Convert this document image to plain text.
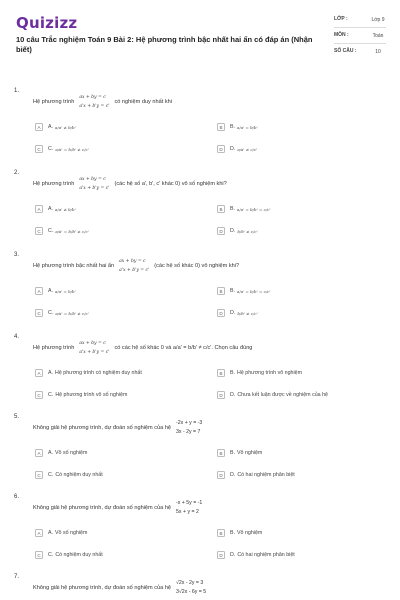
Quizizz
10 câu Trắc nghiệm Toán 9 Bài 2: Hệ phương trình bậc nhất hai ẩn có đáp án (Nhận biết)
LỚP :	Lớp 9
MÔN :	Toán
SỐ CÂU :	10
1.
Hệ phương trình
ax + by = c
a'x + b'y = c'
có nghiệm duy nhất khi
A	A. a/a' ≠ b/b'	B	B. a/a' = b/b'
C	C. a/a' = b/b' ≠ c/c'	D	D. a/a' ≠ c/c'
2.
Hệ phương trình
ax + by = c
a'x + b'y = c'
(các hệ số a', b', c' khác 0) vô số nghiệm khi?
A	A. a/a' ≠ b/b'	B	B. a/a' = b/b' = c/c'
C	C. a/a' = b/b' ≠ c/c'	D	D. b/b' ≠ c/c'
3.
Hệ phương trình bậc nhất hai ẩn
ax + by = c
a'x + b'y = c'
(các hệ số khác 0) vô nghiệm khi?
A	A. a/a' = b/b'	B	B. a/a' = b/b' = c/c'
C	C. a/a' = b/b' ≠ c/c'	D	D. b/b' ≠ c/c'
4.
Hệ phương trình
ax + by = c
a'x + b'y = c'
có các hệ số khác 0 và a/a' = b/b' ≠ c/c'. Chọn câu đúng
A	A. Hệ phương trình có nghiệm duy nhất	B	B. Hệ phương trình vô nghiệm
C	C. Hệ phương trình vô số nghiệm	D	D. Chưa kết luận được về nghiệm của hệ
5.
Không giải hệ phương trình, dự đoán số nghiệm của hệ
-2x + y = -3
3x - 2y = 7
A	A. Vô số nghiệm	B	B. Vô nghiệm
C	C. Có nghiệm duy nhất	D	D. Có hai nghiệm phân biệt
6.
Không giải hệ phương trình, dự đoán số nghiệm của hệ
-x + 5y = -1
5x + y = 2
A	A. Vô số nghiệm	B	B. Vô nghiệm
C	C. Có nghiệm duy nhất	D	D. Có hai nghiệm phân biệt
7.
Không giải hệ phương trình, dự đoán số nghiệm của hệ
√2x - 2y = 3
3√2x - 6y = 5
